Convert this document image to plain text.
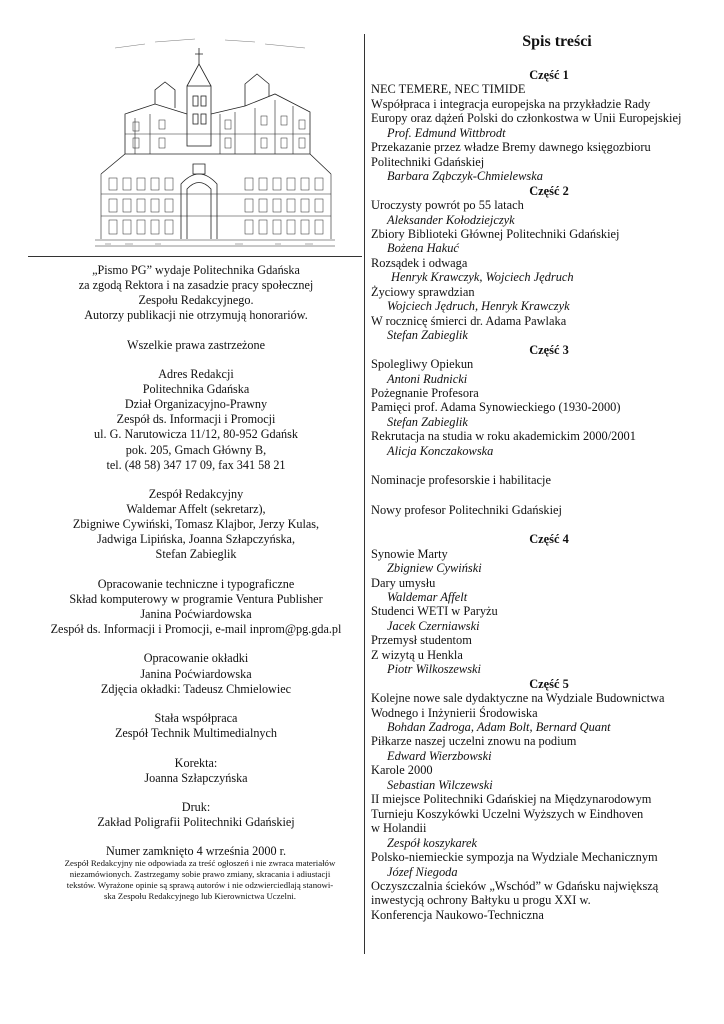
„Pismo PG” wydaje Politechnika Gdańska
za zgodą Rektora i na zasadzie pracy społecznej
Zespołu Redakcyjnego.
Autorzy publikacji nie otrzymują honorariów.
Wszelkie prawa zastrzeżone
Adres Redakcji
Politechnika Gdańska
Dział Organizacyjno-Prawny
Zespół ds. Informacji i Promocji
ul. G. Narutowicza 11/12, 80-952 Gdańsk
pok. 205, Gmach Główny B,
tel. (48 58) 347 17 09, fax 341 58 21
Zespół Redakcyjny
Waldemar Affelt (sekretarz),
Zbigniwe Cywiński, Tomasz Klajbor, Jerzy Kulas,
Jadwiga Lipińska, Joanna Szłapczyńska,
Stefan Zabieglik
Opracowanie techniczne i typograficzne
Skład komputerowy w programie Ventura Publisher
Janina Poćwiardowska
Zespół ds. Informacji i Promocji, e-mail inprom@pg.gda.pl
Opracowanie okładki
Janina Poćwiardowska
Zdjęcia okładki: Tadeusz Chmielowiec
Stała współpraca
Zespół Technik Multimedialnych
Korekta:
Joanna Szłapczyńska
Druk:
Zakład Poligrafii Politechniki Gdańskiej
Numer zamknięto 4 września 2000 r.
Zespół Redakcyjny nie odpowiada za treść ogłoszeń i nie zwraca materiałów
niezamówionych. Zastrzegamy sobie prawo zmiany, skracania i adiustacji
tekstów. Wyrażone opinie są sprawą autorów i nie odzwierciedlają stanowi-
ska Zespołu Redakcyjnego lub Kierownictwa Uczelni.
Spis treści
Część 1
NEC TEMERE, NEC TIMIDE
Współpraca i integracja europejska na przykładzie Rady
Europy oraz dążeń Polski do członkostwa w Unii Europejskiej
Prof. Edmund Wittbrodt
Przekazanie przez władze Bremy dawnego księgozbioru
Politechniki Gdańskiej
Barbara Ząbczyk-Chmielewska
Część 2
Uroczysty powrót po 55 latach
Aleksander Kołodziejczyk
Zbiory Biblioteki Głównej Politechniki Gdańskiej
Bożena Hakuć
Rozsądek i odwaga
Henryk Krawczyk, Wojciech Jędruch
Życiowy sprawdzian
Wojciech Jędruch, Henryk Krawczyk
W rocznicę śmierci dr. Adama Pawlaka
Stefan Zabieglik
Część 3
Spolegliwy Opiekun
Antoni Rudnicki
Pożegnanie Profesora
Pamięci prof. Adama Synowieckiego (1930-2000)
Stefan Zabieglik
Rekrutacja na studia w roku akademickim 2000/2001
Alicja Konczakowska
Nominacje profesorskie i habilitacje
Nowy profesor Politechniki Gdańskiej
Część 4
Synowie Marty
Zbigniew Cywiński
Dary umysłu
Waldemar Affelt
Studenci WETI w Paryżu
Jacek Czerniawski
Przemysł studentom
Z wizytą u Henkla
Piotr Wilkoszewski
Część 5
Kolejne nowe sale dydaktyczne na Wydziale Budownictwa
Wodnego i Inżynierii Środowiska
Bohdan Zadroga, Adam Bolt, Bernard Quant
Piłkarze naszej uczelni znowu na podium
Edward Wierzbowski
Karole 2000
Sebastian Wilczewski
II miejsce Politechniki Gdańskiej na Międzynarodowym
Turnieju Koszykówki Uczelni Wyższych w Eindhoven
w Holandii
Zespół koszykarek
Polsko-niemieckie sympozja na Wydziale Mechanicznym
Józef Niegoda
Oczyszczalnia ścieków „Wschód” w Gdańsku największą
inwestycją ochrony Bałtyku u progu XXI w.
Konferencja Naukowo-Techniczna
